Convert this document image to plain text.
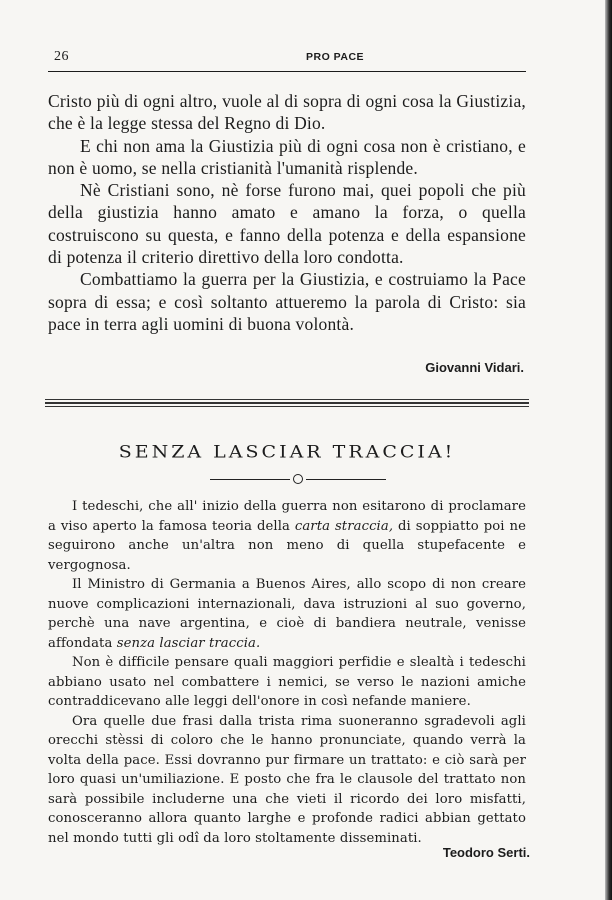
26	PRO PACE

Cristo più di ogni altro, vuole al di sopra di ogni cosa la Giustizia, che è la legge stessa del Regno di Dio.

E chi non ama la Giustizia più di ogni cosa non è cristiano, e non è uomo, se nella cristianità l'umanità risplende.

Nè Cristiani sono, nè forse furono mai, quei popoli che più della giustizia hanno amato e amano la forza, o quella costruiscono su questa, e fanno della potenza e della espansione di potenza il criterio direttivo della loro condotta.

Combattiamo la guerra per la Giustizia, e costruiamo la Pace sopra di essa; e così soltanto attueremo la parola di Cristo: sia pace in terra agli uomini di buona volontà.

Giovanni Vidari.
SENZA LASCIAR TRACCIA!

I tedeschi, che all' inizio della guerra non esitarono di proclamare a viso aperto la famosa teoria della carta straccia, di soppiatto poi ne seguirono anche un'altra non meno di quella stupefacente e vergognosa.

Il Ministro di Germania a Buenos Aires, allo scopo di non creare nuove complicazioni internazionali, dava istruzioni al suo governo, perchè una nave argentina, e cioè di bandiera neutrale, venisse affondata senza lasciar traccia.

Non è difficile pensare quali maggiori perfidie e slealtà i tedeschi abbiano usato nel combattere i nemici, se verso le nazioni amiche contraddicevano alle leggi dell'onore in così nefande maniere.

Ora quelle due frasi dalla trista rima suoneranno sgradevoli agli orecchi stèssi di coloro che le hanno pronunciate, quando verrà la volta della pace. Essi dovranno pur firmare un trattato: e ciò sarà per loro quasi un'umiliazione. E posto che fra le clausole del trattato non sarà possibile includerne una che vieti il ricordo dei loro misfatti, conosceranno allora quanto larghe e profonde radici abbian gettato nel mondo tutti gli odî da loro stoltamente disseminati.

Teodoro Serti.
